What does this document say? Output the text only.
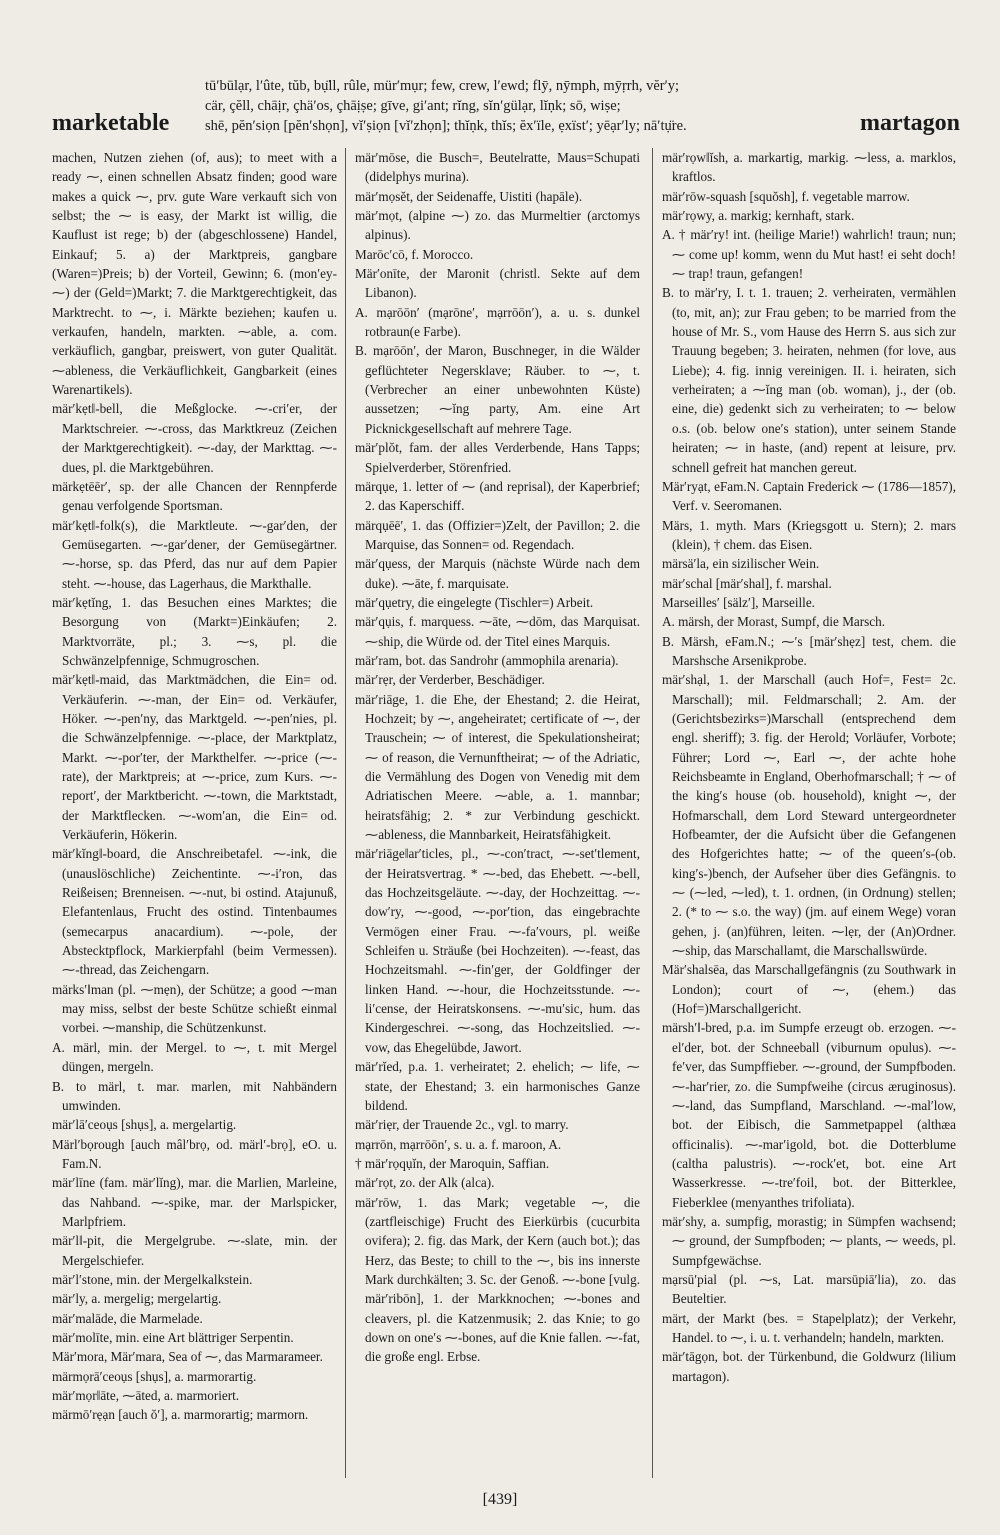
marketable
tū′būlạr, l′ûte, tŭb, bụ̈ll, rûle, mür′mụr; few, crew, l′ewd; flȳ, nȳmph, mȳṛrh, vĕr′y;
cär, çĕll, chāịr, çhä′os, çhāịṣe; gīve, gi′ant; rĭng, sĭn′gülạr, lĭṇk; sō, wiṣe;
shē, pĕn′siọn [pĕn′shọn], vĭ′ṣiọn [vĭ′zhọn]; thĭṇk, thĭs; ĕx′ïle, ẹxïst′; yēạr′ly; nā′tụ̈re.	martagon

machen, Nutzen ziehen (of, aus); to meet with a ready ⁓, einen schnellen Absatz finden; good ware makes a quick ⁓, prv. gute Ware verkauft sich von selbst; the ⁓ is easy, der Markt ist willig, die Kauflust ist rege; b) der (abgeschlossene) Handel, Einkauf; 5. a) der Marktpreis, gangbare (Waren=)Preis; b) der Vorteil, Gewinn; 6. (mon′ey-⁓) der (Geld=)Markt; 7. die Marktgerechtigkeit, das Marktrecht. to ⁓, i. Märkte beziehen; kaufen u. verkaufen, handeln, markten. ⁓able, a. com. verkäuflich, gangbar, preiswert, von guter Qualität. ⁓ableness, die Verkäuflichkeit, Gangbarkeit (eines Warenartikels).

mär′kẹt‖-bell, die Meßglocke. ⁓-cri′er, der Marktschreier. ⁓-cross, das Marktkreuz (Zeichen der Marktgerechtigkeit). ⁓-day, der Markttag. ⁓-dues, pl. die Marktgebühren.

märkẹtēēr′, sp. der alle Chancen der Rennpferde genau verfolgende Sportsman.

mär′kẹt‖-folk(s), die Marktleute. ⁓-gar′den, der Gemüsegarten. ⁓-gar′dener, der Gemüsegärtner. ⁓-horse, sp. das Pferd, das nur auf dem Papier steht. ⁓-house, das Lagerhaus, die Markthalle.

mär′kẹtĭng, 1. das Besuchen eines Marktes; die Besorgung von (Markt=)Einkäufen; 2. Marktvorräte, pl.; 3. ⁓s, pl. die Schwänzelpfennige, Schmugroschen.

mär′kẹt‖-maid, das Marktmädchen, die Ein= od. Verkäuferin. ⁓-man, der Ein= od. Verkäufer, Höker. ⁓-pen′ny, das Marktgeld. ⁓-pen′nies, pl. die Schwänzelpfennige. ⁓-place, der Marktplatz, Markt. ⁓-por′ter, der Markthelfer. ⁓-price (⁓-rate), der Marktpreis; at ⁓-price, zum Kurs. ⁓-report′, der Marktbericht. ⁓-town, die Marktstadt, der Marktflecken. ⁓-wom′an, die Ein= od. Verkäuferin, Hökerin.

mär′kĭng‖-board, die Anschreibetafel. ⁓-ink, die (unauslöschliche) Zeichentinte. ⁓-i′ron, das Reißeisen; Brenneisen. ⁓-nut, bi ostind. Atajunuß, Elefantenlaus, Frucht des ostind. Tintenbaumes (semecarpus anacardium). ⁓-pole, der Abstecktpflock, Markierpfahl (beim Vermessen). ⁓-thread, das Zeichengarn.

märks′‖man (pl. ⁓mẹn), der Schütze; a good ⁓man may miss, selbst der beste Schütze schießt einmal vorbei. ⁓manship, die Schützenkunst.

A. märl, min. der Mergel. to ⁓, t. mit Mergel düngen, mergeln.

B. to märl, t. mar. marlen, mit Nahbändern umwinden.

mär′lā′ceoụs [shụs], a. mergelartig.

Märl′bọrough [auch mâl′brọ, od. märl′-brọ], eO. u. Fam.N.

mär′līne (fam. mär′lĭng), mar. die Marlien, Marleine, das Nahband. ⁓-spike, mar. der Marlspicker, Marlpfriem.

mär′l‖-pit, die Mergelgrube. ⁓-slate, min. der Mergelschiefer.

mär′l′stone, min. der Mergelkalkstein.

mär′ly, a. mergelig; mergelartig.

mär′malāde, die Marmelade.

mär′molīte, min. eine Art blättriger Serpentin.

Mär′mora, Mär′mara, Sea of ⁓, das Marmarameer.

märmọrā′ceoụs [shụs], a. marmorartig.

mär′mọr‖āte, ⁓āted, a. marmoriert.

märmō′rẹạn [auch ŏ′], a. marmorartig; marmorn.

mär′mōse, die Busch=, Beutelratte, Maus=Schupati (didelphys murina).

mär′mọsĕt, der Seidenaffe, Uistiti (hapāle).

mär′mọt, (alpine ⁓) zo. das Murmeltier (arctomys alpinus).

Marōc′cō, f. Morocco.

Mär′onīte, der Maronit (christl. Sekte auf dem Libanon).

A. mạrōōn′ (mạrōne′, mạrrōōn′), a. u. s. dunkel rotbraun(e Farbe).

B. mạrōōn′, der Maron, Buschneger, in die Wälder geflüchteter Negersklave; Räuber. to ⁓, t. (Verbrecher an einer unbewohnten Küste) aussetzen; ⁓ĭng party, Am. eine Art Picknickgesellschaft auf mehrere Tage.

mär′plŏt, fam. der alles Verderbende, Hans Tapps; Spielverderber, Störenfried.

märqụe, 1. letter of ⁓ (and reprisal), der Kaperbrief; 2. das Kaperschiff.

märqụēē′, 1. das (Offizier=)Zelt, der Pavillon; 2. die Marquise, das Sonnen= od. Regendach.

mär′qụess, der Marquis (nächste Würde nach dem duke). ⁓āte, f. marquisate.

mär′qụetry, die eingelegte (Tischler=) Arbeit.

mär′qụis, f. marquess. ⁓āte, ⁓dōm, das Marquisat. ⁓ship, die Würde od. der Titel eines Marquis.

mär′ram, bot. das Sandrohr (ammophila arenaria).

mär′rẹr, der Verderber, Beschädiger.

mär′riāge, 1. die Ehe, der Ehestand; 2. die Heirat, Hochzeit; by ⁓, angeheiratet; certificate of ⁓, der Trauschein; ⁓ of interest, die Spekulationsheirat; ⁓ of reason, die Vernunftheirat; ⁓ of the Adriatic, die Vermählung des Dogen von Venedig mit dem Adriatischen Meere. ⁓able, a. 1. mannbar; heiratsfähig; 2. * zur Verbindung geschickt. ⁓ableness, die Mannbarkeit, Heiratsfähigkeit.

mär′riāge‖ar′ticles, pl., ⁓-con′tract, ⁓-set′tlement, der Heiratsvertrag. * ⁓-bed, das Ehebett. ⁓-bell, das Hochzeitsgeläute. ⁓-day, der Hochzeittag. ⁓-dow′ry, ⁓-good, ⁓-por′tion, das eingebrachte Vermögen einer Frau. ⁓-fa′vours, pl. weiße Schleifen u. Sträuße (bei Hochzeiten). ⁓-feast, das Hochzeitsmahl. ⁓-fin′ger, der Goldfinger der linken Hand. ⁓-hour, die Hochzeitsstunde. ⁓-li′cense, der Heiratskonsens. ⁓-mu′sic, hum. das Kindergeschrei. ⁓-song, das Hochzeitslied. ⁓-vow, das Ehegelübde, Jawort.

mär′rĭed, p.a. 1. verheiratet; 2. ehelich; ⁓ life, ⁓ state, der Ehestand; 3. ein harmonisches Ganze bildend.

mär′riẹr, der Trauende 2c., vgl. to marry.

mạrrōn, mạrrōōn′, s. u. a. f. maroon, A.

† mär′rọqụĭn, der Maroquin, Saffian.

mär′rọt, zo. der Alk (alca).

mär′rōw, 1. das Mark; vegetable ⁓, die (zartfleischige) Frucht des Eierkürbis (cucurbita ovifera); 2. fig. das Mark, der Kern (auch bot.); das Herz, das Beste; to chill to the ⁓, bis ins innerste Mark durchkälten; 3. Sc. der Genoß. ⁓-bone [vulg. mär′ribōn], 1. der Markknochen; ⁓-bones and cleavers, pl. die Katzenmusik; 2. das Knie; to go down on one′s ⁓-bones, auf die Knie fallen. ⁓-fat, die große engl. Erbse.

mär′rọw‖ĭsh, a. markartig, markig. ⁓less, a. marklos, kraftlos.

mär′rōw-squash [squŏsh], f. vegetable marrow.

mär′rọwy, a. markig; kernhaft, stark.

A. † mär′ry! int. (heilige Marie!) wahrlich! traun; nun; ⁓ come up! komm, wenn du Mut hast! ei seht doch! ⁓ trap! traun, gefangen!

B. to mär′ry, I. t. 1. trauen; 2. verheiraten, vermählen (to, mit, an); zur Frau geben; to be married from the house of Mr. S., vom Hause des Herrn S. aus sich zur Trauung begeben; 3. heiraten, nehmen (for love, aus Liebe); 4. fig. innig vereinigen. II. i. heiraten, sich verheiraten; a ⁓ĭng man (ob. woman), j., der (ob. eine, die) gedenkt sich zu verheiraten; to ⁓ below o.s. (ob. below one′s station), unter seinem Stande heiraten; ⁓ in haste, (and) repent at leisure, prv. schnell gefreit hat manchen gereut.

Mär′ryạt, eFam.N. Captain Frederick ⁓ (1786—1857), Verf. v. Seeromanen.

Märs, 1. myth. Mars (Kriegsgott u. Stern); 2. mars (klein), † chem. das Eisen.

märsä′la, ein sizilischer Wein.

mär′schal [mär′shal], f. marshal.

Marseilles′ [sälz′], Marseille.

A. märsh, der Morast, Sumpf, die Marsch.

B. Märsh, eFam.N.; ⁓′s [mär′shẹz] test, chem. die Marshsche Arsenikprobe.

mär′shạl, 1. der Marschall (auch Hof=, Fest= 2c. Marschall); mil. Feldmarschall; 2. Am. der (Gerichtsbezirks=)Marschall (entsprechend dem engl. sheriff); 3. fig. der Herold; Vorläufer, Vorbote; Führer; Lord ⁓, Earl ⁓, der achte hohe Reichsbeamte in England, Oberhofmarschall; † ⁓ of the king′s house (ob. household), knight ⁓, der Hofmarschall, dem Lord Steward untergeordneter Hofbeamter, der die Aufsicht über die Gefangenen des Hofgerichtes hatte; ⁓ of the queen′s-(ob. king′s-)bench, der Aufseher über dies Gefängnis. to ⁓ (⁓led, ⁓led), t. 1. ordnen, (in Ordnung) stellen; 2. (* to ⁓ s.o. the way) (jm. auf einem Wege) voran gehen, j. (an)führen, leiten. ⁓lẹr, der (An)Ordner. ⁓ship, das Marschallamt, die Marschallswürde.

Mär′shalsēa, das Marschallgefängnis (zu Southwark in London); court of ⁓, (ehem.) das (Hof=)Marschallgericht.

märsh′‖-bred, p.a. im Sumpfe erzeugt ob. erzogen. ⁓-el′der, bot. der Schneeball (viburnum opulus). ⁓-fe′ver, das Sumpffieber. ⁓-ground, der Sumpfboden. ⁓-har′rier, zo. die Sumpfweihe (circus æruginosus). ⁓-land, das Sumpfland, Marschland. ⁓-mal′low, bot. der Eibisch, die Sammetpappel (althæa officinalis). ⁓-mar′igold, bot. die Dotterblume (caltha palustris). ⁓-rock′et, bot. eine Art Wasserkresse. ⁓-tre′foil, bot. der Bitterklee, Fieberklee (menyanthes trifoliata).

mär′shy, a. sumpfig, morastig; in Sümpfen wachsend; ⁓ ground, der Sumpfboden; ⁓ plants, ⁓ weeds, pl. Sumpfgewächse.

mạrsū′pial (pl. ⁓s, Lat. marsūpiā′lia), zo. das Beuteltier.

märt, der Markt (bes. = Stapelplatz); der Verkehr, Handel. to ⁓, i. u. t. verhandeln; handeln, markten.

mär′tāgọn, bot. der Türkenbund, die Goldwurz (lilium martagon).

[439]
